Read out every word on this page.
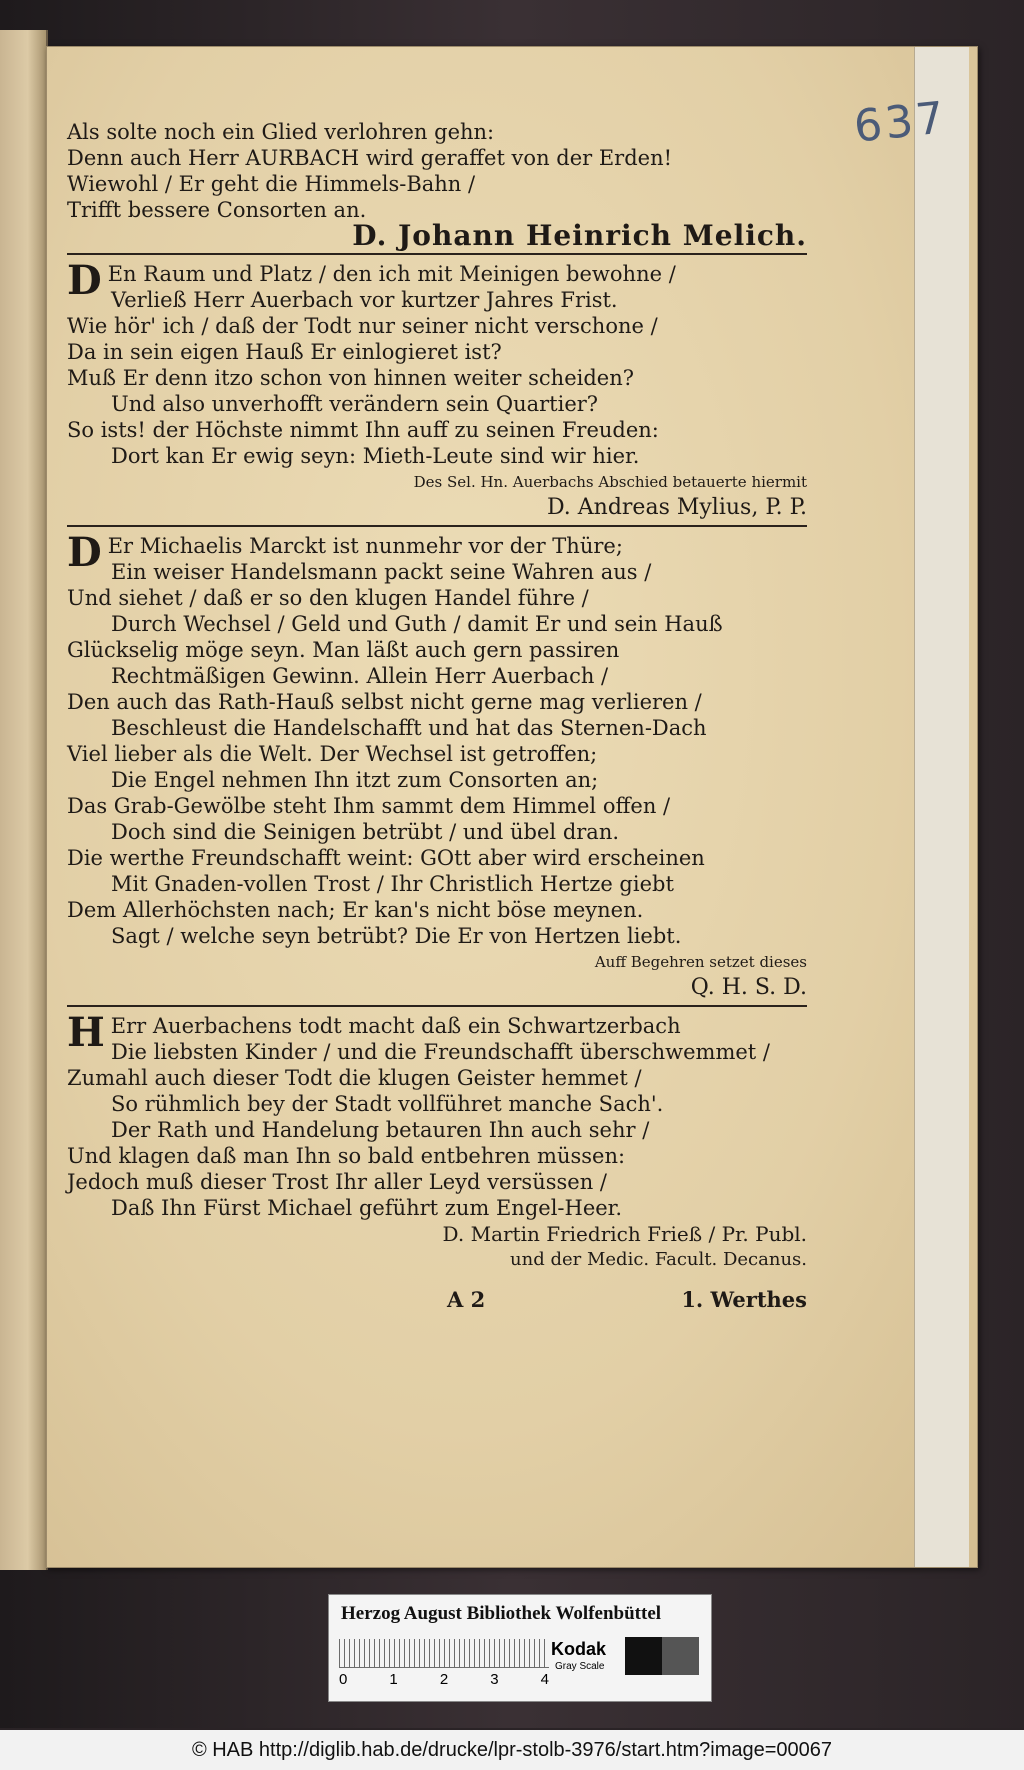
637
Als solte noch ein Glied verlohren gehn:
Denn auch Herr AURBACH wird geraffet von der Erden!
Wiewohl / Er geht die Himmels-Bahn /
Trifft bessere Consorten an.
D. Johann Heinrich Melich.
D En Raum und Platz / den ich mit Meinigen bewohne /
Verließ Herr Auerbach vor kurtzer Jahres Frist.
Wie hör' ich / daß der Todt nur seiner nicht verschone /
Da in sein eigen Hauß Er einlogieret ist?
Muß Er denn itzo schon von hinnen weiter scheiden?
Und also unverhofft verändern sein Quartier?
So ists! der Höchste nimmt Ihn auff zu seinen Freuden:
Dort kan Er ewig seyn: Mieth-Leute sind wir hier.
Des Sel. Hn. Auerbachs Abschied betauerte hiermit
D. Andreas Mylius, P. P.
D Er Michaelis Marckt ist nunmehr vor der Thüre;
Ein weiser Handelsmann packt seine Wahren aus /
Und siehet / daß er so den klugen Handel führe /
Durch Wechsel / Geld und Guth / damit Er und sein Hauß
Glückselig möge seyn. Man läßt auch gern passiren
Rechtmäßigen Gewinn. Allein Herr Auerbach /
Den auch das Rath-Hauß selbst nicht gerne mag verlieren /
Beschleust die Handelschafft und hat das Sternen-Dach
Viel lieber als die Welt. Der Wechsel ist getroffen;
Die Engel nehmen Ihn itzt zum Consorten an;
Das Grab-Gewölbe steht Ihm sammt dem Himmel offen /
Doch sind die Seinigen betrübt / und übel dran.
Die werthe Freundschafft weint: GOtt aber wird erscheinen
Mit Gnaden-vollen Trost / Ihr Christlich Hertze giebt
Dem Allerhöchsten nach; Er kan's nicht böse meynen.
Sagt / welche seyn betrübt? Die Er von Hertzen liebt.
Auff Begehren setzet dieses
Q. H. S. D.
H Err Auerbachens todt macht daß ein Schwartzerbach
Die liebsten Kinder / und die Freundschafft überschwemmet /
Zumahl auch dieser Todt die klugen Geister hemmet /
So rühmlich bey der Stadt vollführet manche Sach'.
Der Rath und Handelung betauren Ihn auch sehr /
Und klagen daß man Ihn so bald entbehren müssen:
Jedoch muß dieser Trost Ihr aller Leyd versüssen /
Daß Ihn Fürst Michael geführt zum Engel-Heer.
D. Martin Friedrich Frieß / Pr. Publ.
und der Medic. Facult. Decanus.
A 2	1. Werthes
Herzog August Bibliothek Wolfenbüttel
0	1	2	3	4
Kodak
Gray Scale
© HAB http://diglib.hab.de/drucke/lpr-stolb-3976/start.htm?image=00067
